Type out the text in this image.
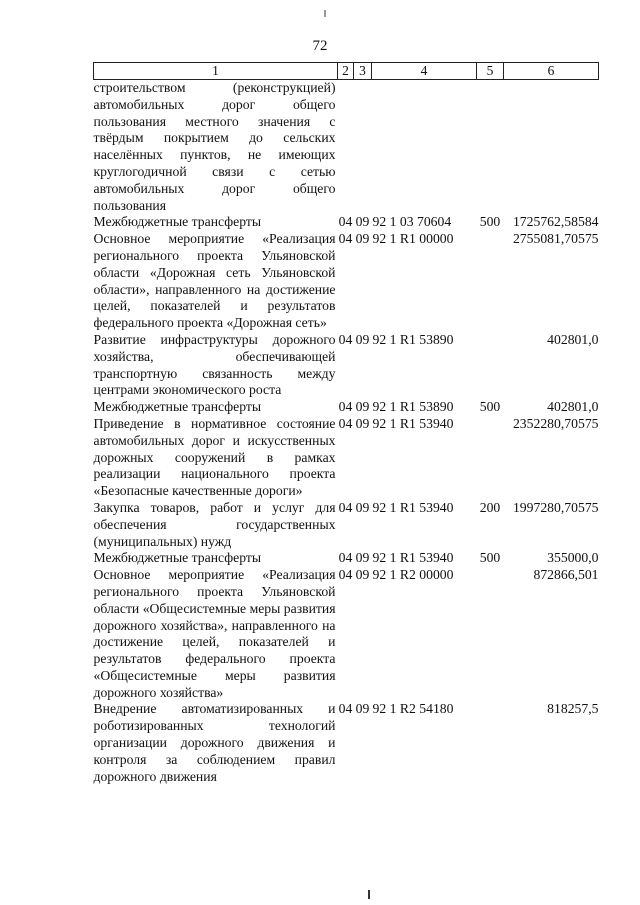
72
1	2	3	4	5	6
строительством (реконструкцией) автомобильных дорог общего пользования местного значения с твёрдым покрытием до сельских населённых пунктов, не имеющих круглогодичной связи с сетью автомобильных дорог общего пользования					
Межбюджетные трансферты	04	09	92 1 03 70604	500	1725762,58584
Основное мероприятие «Реализация регионального проекта Ульяновской области «Дорожная сеть Ульяновской области», направленного на достижение целей, показателей и результатов федерального проекта «Дорожная сеть»	04	09	92 1 R1 00000		2755081,70575
Развитие инфраструктуры дорожного хозяйства, обеспечивающей транспортную связанность между центрами экономического роста	04	09	92 1 R1 53890		402801,0
Межбюджетные трансферты	04	09	92 1 R1 53890	500	402801,0
Приведение в нормативное состояние автомобильных дорог и искусственных дорожных сооружений в рамках реализации национального проекта «Безопасные качественные дороги»	04	09	92 1 R1 53940		2352280,70575
Закупка товаров, работ и услуг для обеспечения государственных (муниципальных) нужд	04	09	92 1 R1 53940	200	1997280,70575
Межбюджетные трансферты	04	09	92 1 R1 53940	500	355000,0
Основное мероприятие «Реализация регионального проекта Ульяновской области «Общесистемные меры развития дорожного хозяйства», направленного на достижение целей, показателей и результатов федерального проекта «Общесистемные меры развития дорожного хозяйства»	04	09	92 1 R2 00000		872866,501
Внедрение автоматизированных и роботизированных технологий организации дорожного движения и контроля за соблюдением правил дорожного движения	04	09	92 1 R2 54180		818257,5
